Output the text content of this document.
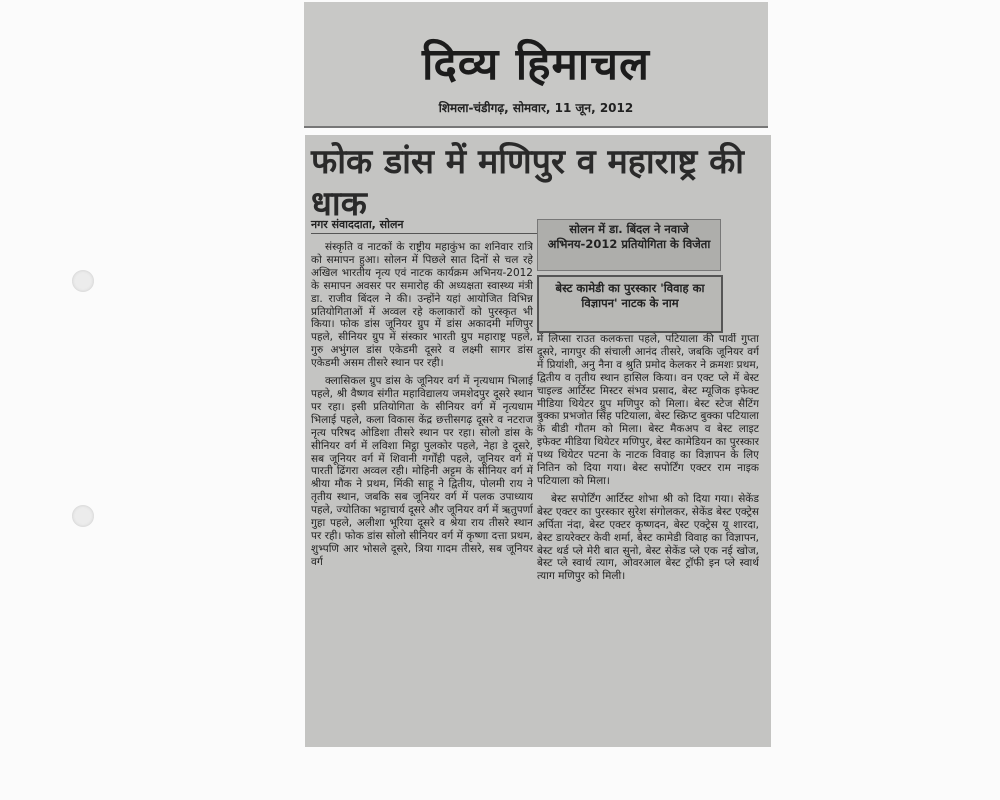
दिव्य हिमाचल
शिमला-चंडीगढ़, सोमवार, 11 जून, 2012
फोक डांस में मणिपुर व महाराष्ट्र की धाक
नगर संवाददाता, सोलन	सोलन में डा. बिंदल ने नवाजे अभिनय-2012 प्रतियोगिता के विजेता
बेस्ट कामेडी का पुरस्कार 'विवाह का विज्ञापन' नाटक के नाम

संस्कृति व नाटकों के राष्ट्रीय महाकुंभ का शनिवार रात्रि को समापन हुआ। सोलन में पिछले सात दिनों से चल रहे अखिल भारतीय नृत्य एवं नाटक कार्यक्रम अभिनय-2012 के समापन अवसर पर समारोह की अध्यक्षता स्वास्थ्य मंत्री डा. राजीव बिंदल ने की। उन्होंने यहां आयोजित विभिन्न प्रतियोगिताओं में अव्वल रहे कलाकारों को पुरस्कृत भी किया। फोक डांस जूनियर ग्रुप में डांस अकादमी मणिपुर पहले, सीनियर ग्रुप में संस्कार भारती ग्रुप महाराष्ट्र पहले, गुरु अभुंगल डांस एकेडमी दूसरे व लक्ष्मी सागर डांस एकेडमी असम तीसरे स्थान पर रही।

क्लासिकल ग्रुप डांस के जूनियर वर्ग में नृत्यधाम भिलाई पहले, श्री वैष्णव संगीत महाविद्यालय जमशेदपुर दूसरे स्थान पर रहा। इसी प्रतियोगिता के सीनियर वर्ग में नृत्यधाम भिलाई पहले, कला विकास केंद्र छत्तीसगढ़ दूसरे व नटराज नृत्य परिषद ओडिशा तीसरे स्थान पर रहा। सोलो डांस के सीनियर वर्ग में लविशा मिट्ठा पुलकोर पहले, नेहा डे दूसरे, सब जूनियर वर्ग में शिवानी गर्गोंही पहले, जूनियर वर्ग में पारती ढिंगरा अव्वल रही। मोहिनी अट्टम के सीनियर वर्ग में श्रीया मौक ने प्रथम, मिंकी साहू ने द्वितीय, पोलमी राय ने तृतीय स्थान, जबकि सब जूनियर वर्ग में पलक उपाध्याय पहले, ज्योतिका भट्टाचार्य दूसरे और जूनियर वर्ग में ऋतुपर्णा गुहा पहले, अलीशा भूरिया दूसरे व श्रेया राय तीसरे स्थान पर रही। फोक डांस सोलो सीनियर वर्ग में कृष्णा दत्ता प्रथम, शुभ्पणि आर भोसले दूसरे, त्रिया गादम तीसरे, सब जूनियर वर्ग

में लिप्सा राउत कलकत्ता पहले, पटियाला की पार्वी गुप्ता दूसरे, नागपुर की संचाली आनंद तीसरे, जबकि जूनियर वर्ग में प्रियांशी, अनु नैना व श्रुति प्रमोद केलकर ने क्रमशः प्रथम, द्वितीय व तृतीय स्थान हासिल किया। वन एक्ट प्ले में बेस्ट चाइल्ड आर्टिस्ट मिस्टर संभव प्रसाद, बेस्ट म्यूजिक इफेक्ट मीडिया थियेटर ग्रुप मणिपुर को मिला। बेस्ट स्टेज सैटिंग बुक्का प्रभजोत सिंह पटियाला, बेस्ट स्क्रिप्ट बुक्का पटियाला के बीडी गौतम को मिला। बेस्ट मैकअप व बेस्ट लाइट इफेक्ट मीडिया थियेटर मणिपुर, बेस्ट कामेडियन का पुरस्कार पथ्य थियेटर पटना के नाटक विवाह का विज्ञापन के लिए नितिन को दिया गया। बेस्ट सपोर्टिंग एक्टर राम नाइक पटियाला को मिला।

बेस्ट सपोर्टिंग आर्टिस्ट शोभा श्री को दिया गया। सेकेंड बेस्ट एक्टर का पुरस्कार सुरेश संगोलकर, सेकेंड बेस्ट एक्ट्रेस अर्पिता नंदा, बेस्ट एक्टर कृष्णदन, बेस्ट एक्ट्रेस यू शारदा, बेस्ट डायरेक्टर केवी शर्मा, बेस्ट कामेडी विवाह का विज्ञापन, बेस्ट थर्ड प्ले मेरी बात सुनो, बेस्ट सेकेंड प्ले एक नई खोज, बेस्ट प्ले स्वार्थ त्याग, ओवरआल बेस्ट ट्रॉफी इन प्ले स्वार्थ त्याग मणिपुर को मिली।
